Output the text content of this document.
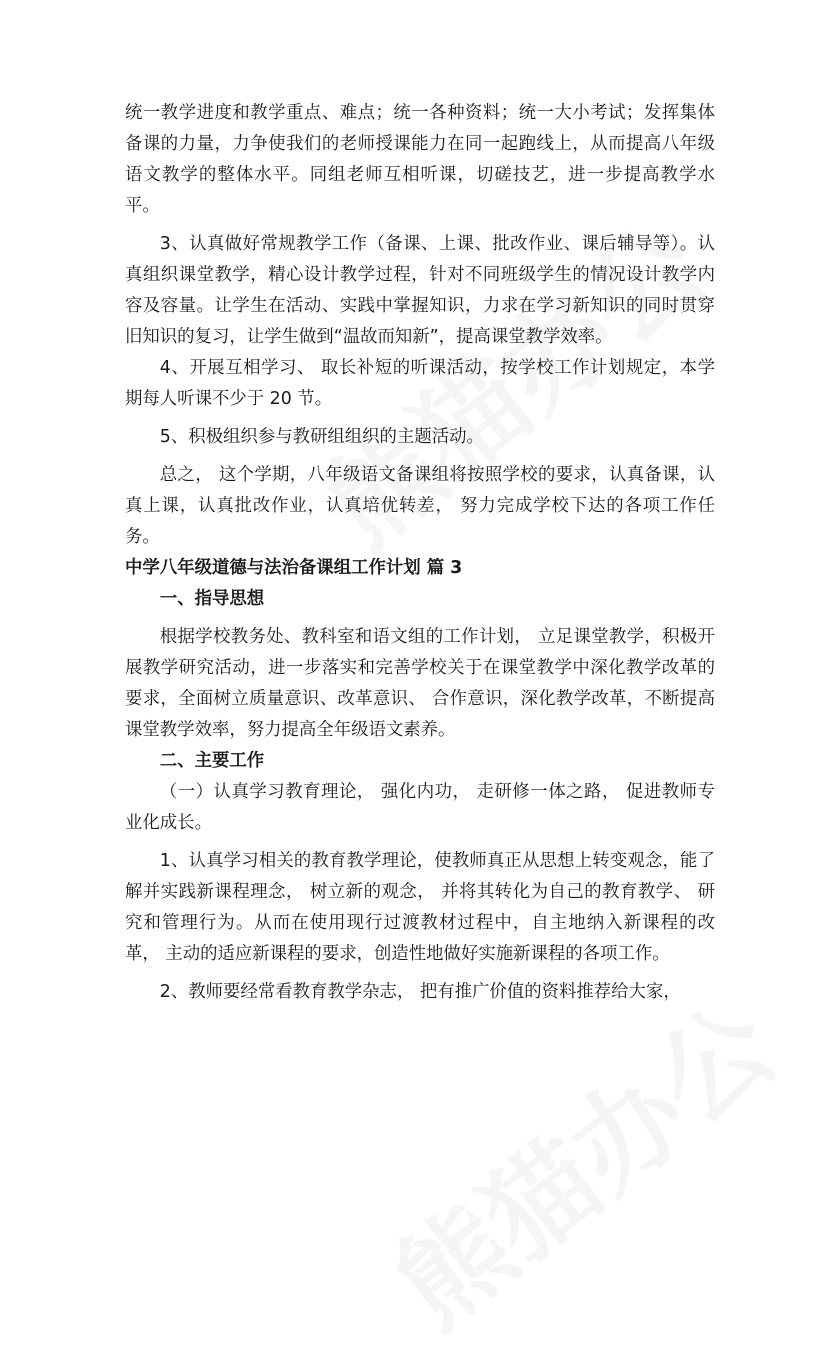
统一教学进度和教学重点、难点；统一各种资料；统一大小考试；发挥集体备课的力量，力争使我们的老师授课能力在同一起跑线上，从而提高八年级语文教学的整体水平。同组老师互相听课，切磋技艺，进一步提高教学水平。

3、认真做好常规教学工作（备课、上课、批改作业、课后辅导等）。认真组织课堂教学，精心设计教学过程，针对不同班级学生的情况设计教学内容及容量。让学生在活动、实践中掌握知识，力求在学习新知识的同时贯穿旧知识的复习，让学生做到“温故而知新”，提高课堂教学效率。

4、开展互相学习、 取长补短的听课活动，按学校工作计划规定，本学期每人听课不少于 20 节。

5、积极组织参与教研组组织的主题活动。

总之， 这个学期，八年级语文备课组将按照学校的要求，认真备课，认真上课，认真批改作业，认真培优转差， 努力完成学校下达的各项工作任务。

中学八年级道德与法治备课组工作计划 篇 3

一、指导思想

根据学校教务处、教科室和语文组的工作计划， 立足课堂教学，积极开展教学研究活动，进一步落实和完善学校关于在课堂教学中深化教学改革的要求，全面树立质量意识、改革意识、 合作意识，深化教学改革，不断提高课堂教学效率，努力提高全年级语文素养。

二、主要工作

（一）认真学习教育理论， 强化内功， 走研修一体之路， 促进教师专业化成长。

1、认真学习相关的教育教学理论，使教师真正从思想上转变观念，能了解并实践新课程理念， 树立新的观念， 并将其转化为自己的教育教学、 研究和管理行为。从而在使用现行过渡教材过程中，自主地纳入新课程的改革， 主动的适应新课程的要求，创造性地做好实施新课程的各项工作。

2、教师要经常看教育教学杂志， 把有推广价值的资料推荐给大家，
